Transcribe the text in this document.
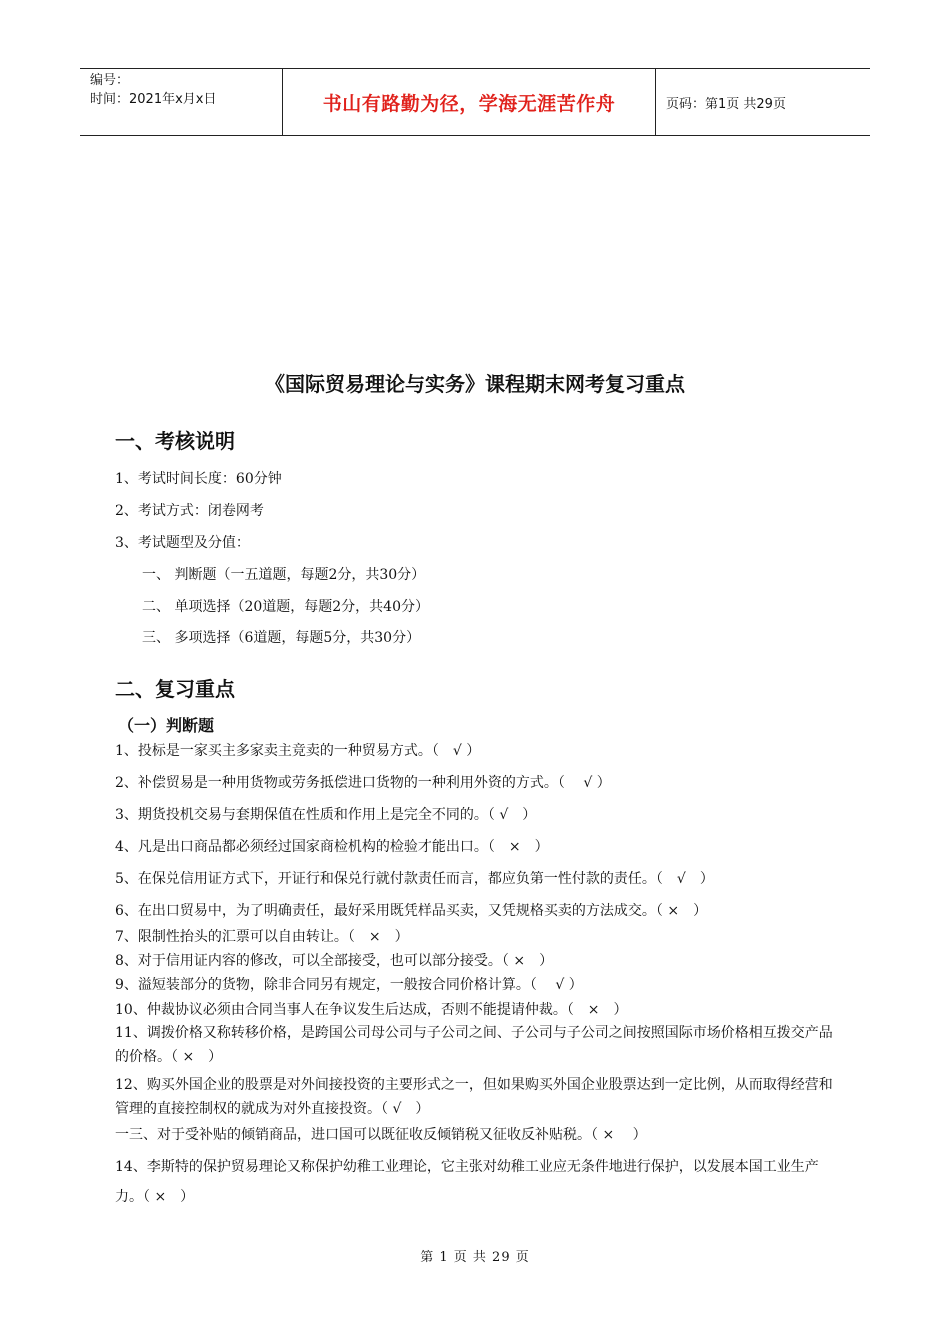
编号：
时间：2021年x月x日	书山有路勤为径，学海无涯苦作舟	页码：第1页 共29页
《国际贸易理论与实务》课程期末网考复习重点
一、考核说明
1、考试时间长度：60分钟
2、考试方式：闭卷网考
3、考试题型及分值：
一、 判断题（一五道题，每题2分，共30分）
二、 单项选择（20道题，每题2分，共40分）
三、 多项选择（6道题，每题5分，共30分）
二、复习重点
（一）判断题
1、投标是一家买主多家卖主竞卖的一种贸易方式。（　√ ）
2、补偿贸易是一种用货物或劳务抵偿进口货物的一种利用外资的方式。（　 √ ）
3、期货投机交易与套期保值在性质和作用上是完全不同的。（ √　）
4、凡是出口商品都必须经过国家商检机构的检验才能出口。（　×　）
5、在保兑信用证方式下，开证行和保兑行就付款责任而言，都应负第一性付款的责任。（　√　）
6、在出口贸易中，为了明确责任，最好采用既凭样品买卖，又凭规格买卖的方法成交。（ ×　）
7、限制性抬头的汇票可以自由转让。（　×　）
8、对于信用证内容的修改，可以全部接受，也可以部分接受。（ ×　）
9、溢短装部分的货物，除非合同另有规定，一般按合同价格计算。（　 √ ）
10、仲裁协议必须由合同当事人在争议发生后达成，否则不能提请仲裁。（　×　）
11、调拨价格又称转移价格，是跨国公司母公司与子公司之间、子公司与子公司之间按照国际市场价格相互拨交产品的价格。（ ×　）
12、购买外国企业的股票是对外间接投资的主要形式之一，但如果购买外国企业股票达到一定比例，从而取得经营和管理的直接控制权的就成为对外直接投资。（ √　）
一三、对于受补贴的倾销商品，进口国可以既征收反倾销税又征收反补贴税。（ ×　 ）
14、李斯特的保护贸易理论又称保护幼稚工业理论，它主张对幼稚工业应无条件地进行保护，以发展本国工业生产力。（ ×　）
第 1 页 共 29 页
